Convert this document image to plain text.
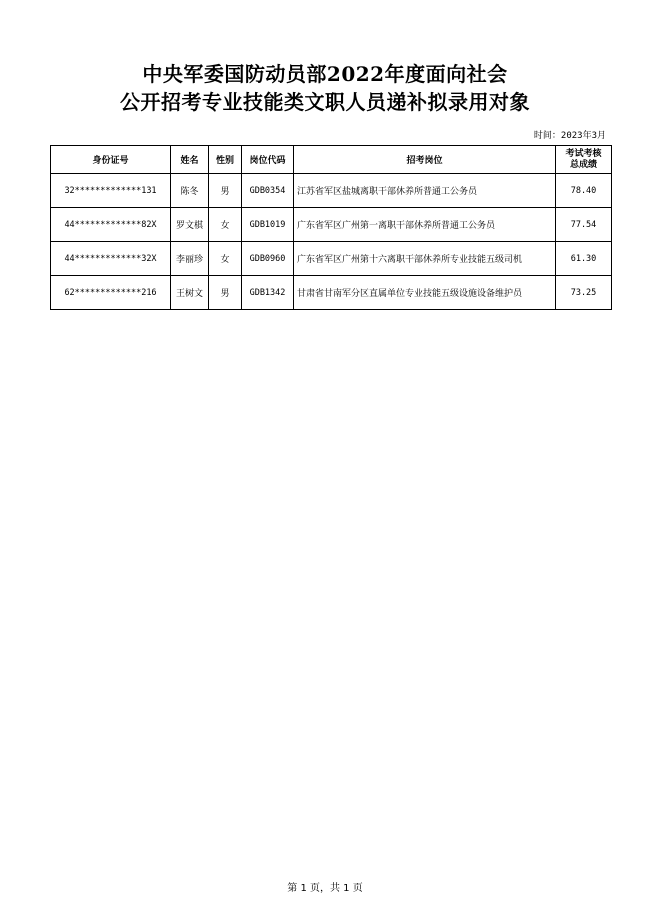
中央军委国防动员部2022年度面向社会
公开招考专业技能类文职人员递补拟录用对象
时间：2023年3月
身份证号	姓名	性别	岗位代码	招考岗位	考试考核
总成绩
32*************131	陈冬	男	GDB0354	江苏省军区盐城离职干部休养所普通工公务员	78.40
44*************82X	罗文棋	女	GDB1019	广东省军区广州第一离职干部休养所普通工公务员	77.54
44*************32X	李丽珍	女	GDB0960	广东省军区广州第十六离职干部休养所专业技能五级司机	61.30
62*************216	王树文	男	GDB1342	甘肃省甘南军分区直属单位专业技能五级设施设备维护员	73.25
第 1 页，共 1 页
